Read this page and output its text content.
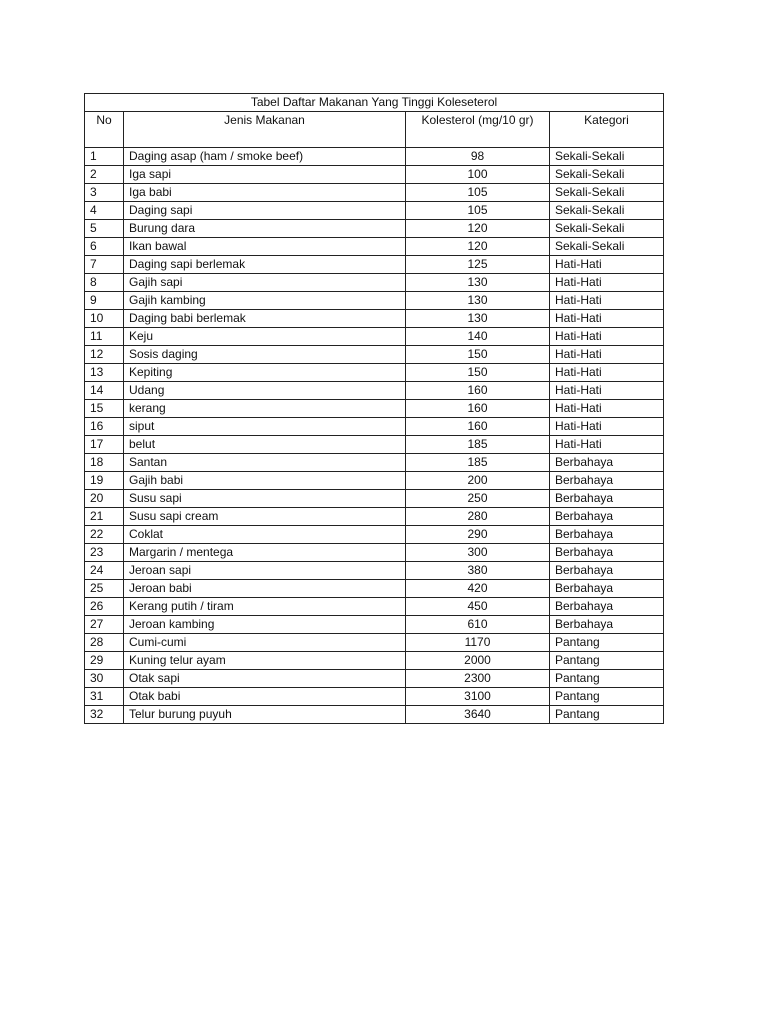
Tabel Daftar Makanan Yang Tinggi Koleseterol			
No	Jenis Makanan	Kolesterol (mg/10 gr)	Kategori
1	Daging asap (ham / smoke beef)	98	Sekali-Sekali
2	Iga sapi	100	Sekali-Sekali
3	Iga babi	105	Sekali-Sekali
4	Daging sapi	105	Sekali-Sekali
5	Burung dara	120	Sekali-Sekali
6	Ikan bawal	120	Sekali-Sekali
7	Daging sapi berlemak	125	Hati-Hati
8	Gajih sapi	130	Hati-Hati
9	Gajih kambing	130	Hati-Hati
10	Daging babi berlemak	130	Hati-Hati
11	Keju	140	Hati-Hati
12	Sosis daging	150	Hati-Hati
13	Kepiting	150	Hati-Hati
14	Udang	160	Hati-Hati
15	kerang	160	Hati-Hati
16	siput	160	Hati-Hati
17	belut	185	Hati-Hati
18	Santan	185	Berbahaya
19	Gajih babi	200	Berbahaya
20	Susu sapi	250	Berbahaya
21	Susu sapi cream	280	Berbahaya
22	Coklat	290	Berbahaya
23	Margarin / mentega	300	Berbahaya
24	Jeroan sapi	380	Berbahaya
25	Jeroan babi	420	Berbahaya
26	Kerang putih / tiram	450	Berbahaya
27	Jeroan kambing	610	Berbahaya
28	Cumi-cumi	1170	Pantang
29	Kuning telur ayam	2000	Pantang
30	Otak sapi	2300	Pantang
31	Otak babi	3100	Pantang
32	Telur burung puyuh	3640	Pantang
